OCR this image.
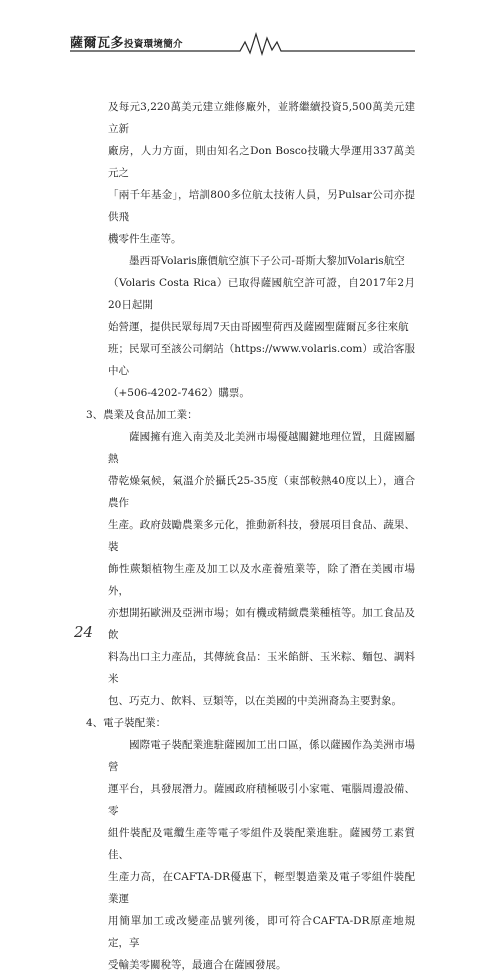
薩爾瓦多投資環境簡介

及每元3,220萬美元建立維修廠外，並將繼續投資5,500萬美元建立新
廠房，人力方面，則由知名之Don Bosco技職大學運用337萬美元之
「兩千年基金」，培訓800多位航太技術人員，另Pulsar公司亦提供飛
機零件生產等。

墨西哥Volaris廉價航空旗下子公司-哥斯大黎加Volaris航空
（Volaris Costa Rica）已取得薩國航空許可證，自2017年2月20日起開
始營運，提供民眾每周7天由哥國聖荷西及薩國聖薩爾瓦多往來航
班；民眾可至該公司網站（https://www.volaris.com）或洽客服中心
（+506-4202-7462）購票。

3、農業及食品加工業：

薩國擁有進入南美及北美洲市場優越關鍵地理位置，且薩國屬熱
帶乾燥氣候，氣溫介於攝氏25-35度（東部較熱40度以上），適合農作
生產。政府鼓勵農業多元化，推動新科技，發展項目食品、蔬果、裝
飾性蕨類植物生產及加工以及水產養殖業等，除了潛在美國市場外，
亦想開拓歐洲及亞洲市場；如有機或精緻農業種植等。加工食品及飲
料為出口主力產品，其傳統食品：玉米餡餅、玉米粽、麵包、調料米
包、巧克力、飲料、豆類等，以在美國的中美洲裔為主要對象。

4、電子裝配業：

國際電子裝配業進駐薩國加工出口區，係以薩國作為美洲市場營
運平台，具發展潛力。薩國政府積極吸引小家電、電腦周邊設備、零
組件裝配及電纜生產等電子零組件及裝配業進駐。薩國勞工素質佳、
生產力高，在CAFTA-DR優惠下，輕型製造業及電子零組件裝配業運
用簡單加工或改變產品號列後，即可符合CAFTA-DR原產地規定，享
受輸美零關稅等，最適合在薩國發展。

24
